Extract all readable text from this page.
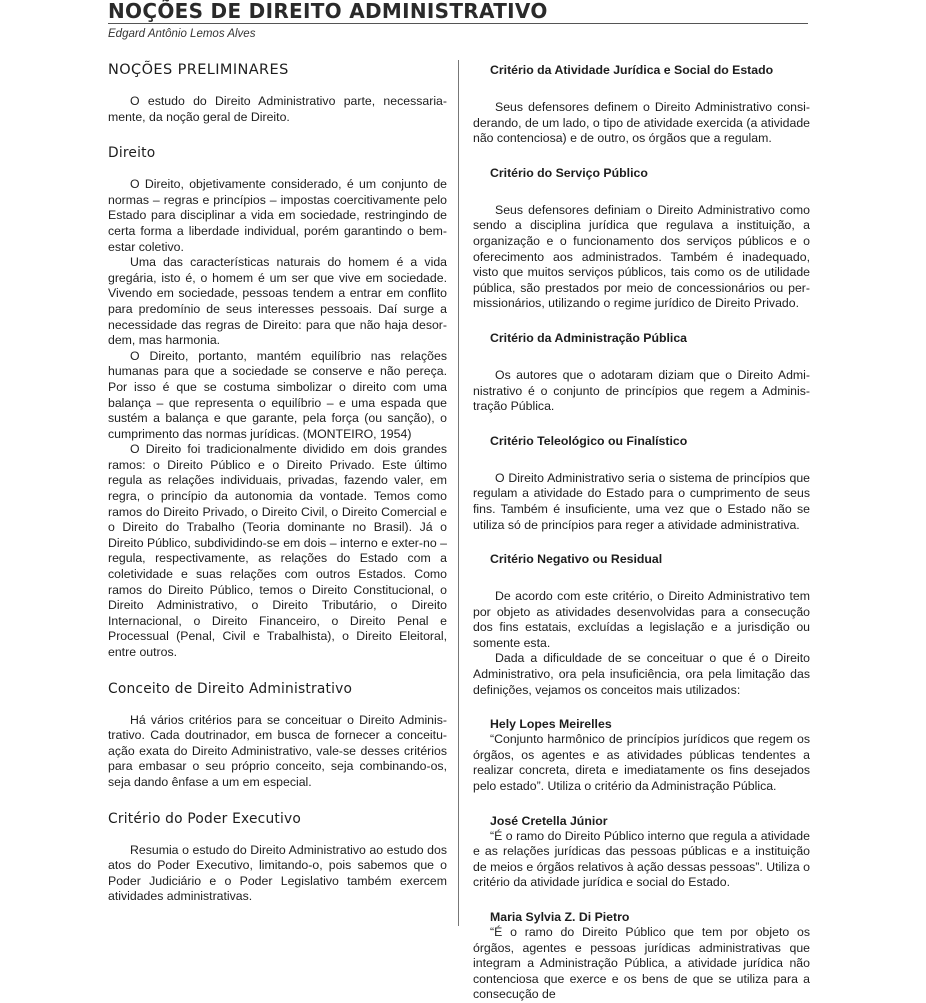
NOÇÕES DE DIREITO ADMINISTRATIVO
Edgard Antônio Lemos Alves
NOÇÕES PRELIMINARES

O estudo do Direito Administrativo parte, necessaria-mente, da noção geral de Direito.

Direito

O Direito, objetivamente considerado, é um conjunto de normas – regras e princípios – impostas coercitivamente pelo Estado para disciplinar a vida em sociedade, restringindo de certa forma a liberdade individual, porém garantindo o bem-estar coletivo.

Uma das características naturais do homem é a vida gregária, isto é, o homem é um ser que vive em sociedade. Vivendo em sociedade, pessoas tendem a entrar em conflito para predomínio de seus interesses pessoais. Daí surge a necessidade das regras de Direito: para que não haja desor-dem, mas harmonia.

O Direito, portanto, mantém equilíbrio nas relações humanas para que a sociedade se conserve e não pereça. Por isso é que se costuma simbolizar o direito com uma balança – que representa o equilíbrio – e uma espada que sustém a balança e que garante, pela força (ou sanção), o cumprimento das normas jurídicas. (MONTEIRO, 1954)

O Direito foi tradicionalmente dividido em dois grandes ramos: o Direito Público e o Direito Privado. Este último regula as relações individuais, privadas, fazendo valer, em regra, o princípio da autonomia da vontade. Temos como ramos do Direito Privado, o Direito Civil, o Direito Comercial e o Direito do Trabalho (Teoria dominante no Brasil). Já o Direito Público, subdividindo-se em dois – interno e exter-no – regula, respectivamente, as relações do Estado com a coletividade e suas relações com outros Estados. Como ramos do Direito Público, temos o Direito Constitucional, o Direito Administrativo, o Direito Tributário, o Direito Internacional, o Direito Financeiro, o Direito Penal e Processual (Penal, Civil e Trabalhista), o Direito Eleitoral, entre outros.

Conceito de Direito Administrativo

Há vários critérios para se conceituar o Direito Adminis-trativo. Cada doutrinador, em busca de fornecer a conceitu-ação exata do Direito Administrativo, vale-se desses critérios para embasar o seu próprio conceito, seja combinando-os, seja dando ênfase a um em especial.

Critério do Poder Executivo

Resumia o estudo do Direito Administrativo ao estudo dos atos do Poder Executivo, limitando-o, pois sabemos que o Poder Judiciário e o Poder Legislativo também exercem atividades administrativas.

Critério da Atividade Jurídica e Social do Estado

Seus defensores definem o Direito Administrativo consi-derando, de um lado, o tipo de atividade exercida (a atividade não contenciosa) e de outro, os órgãos que a regulam.

Critério do Serviço Público

Seus defensores definiam o Direito Administrativo como sendo a disciplina jurídica que regulava a instituição, a organização e o funcionamento dos serviços públicos e o oferecimento aos administrados. Também é inadequado, visto que muitos serviços públicos, tais como os de utilidade pública, são prestados por meio de concessionários ou per-missionários, utilizando o regime jurídico de Direito Privado.

Critério da Administração Pública

Os autores que o adotaram diziam que o Direito Admi-nistrativo é o conjunto de princípios que regem a Adminis-tração Pública.

Critério Teleológico ou Finalístico

O Direito Administrativo seria o sistema de princípios que regulam a atividade do Estado para o cumprimento de seus fins. Também é insuficiente, uma vez que o Estado não se utiliza só de princípios para reger a atividade administrativa.

Critério Negativo ou Residual

De acordo com este critério, o Direito Administrativo tem por objeto as atividades desenvolvidas para a consecução dos fins estatais, excluídas a legislação e a jurisdição ou somente esta.

Dada a dificuldade de se conceituar o que é o Direito Administrativo, ora pela insuficiência, ora pela limitação das definições, vejamos os conceitos mais utilizados:

Hely Lopes Meirelles

“Conjunto harmônico de princípios jurídicos que regem os órgãos, os agentes e as atividades públicas tendentes a realizar concreta, direta e imediatamente os fins desejados pelo estado”. Utiliza o critério da Administração Pública.

José Cretella Júnior

“É o ramo do Direito Público interno que regula a atividade e as relações jurídicas das pessoas públicas e a instituição de meios e órgãos relativos à ação dessas pessoas”. Utiliza o critério da atividade jurídica e social do Estado.

Maria Sylvia Z. Di Pietro

“É o ramo do Direito Público que tem por objeto os órgãos, agentes e pessoas jurídicas administrativas que integram a Administração Pública, a atividade jurídica não contenciosa que exerce e os bens de que se utiliza para a consecução de
